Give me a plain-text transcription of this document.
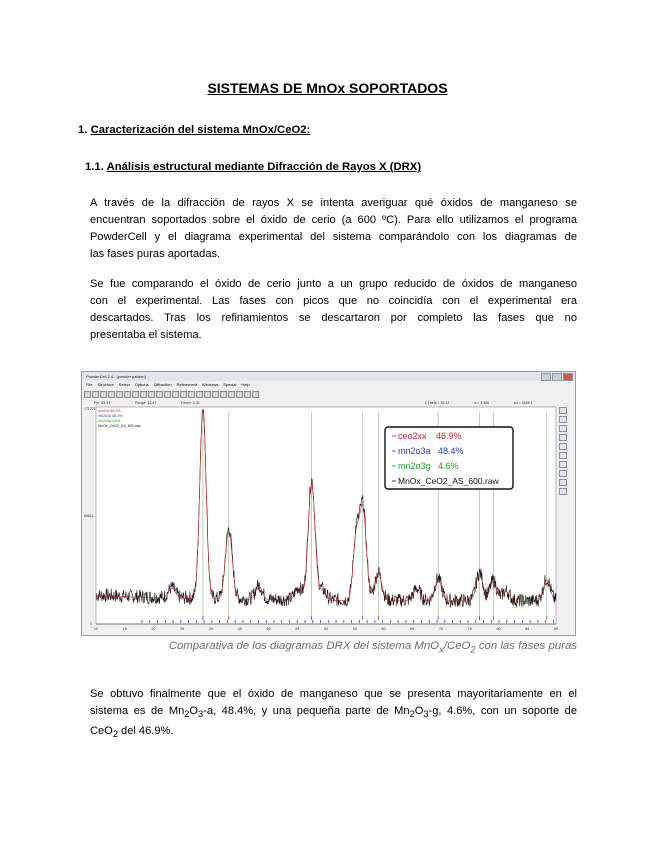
SISTEMAS DE MnOx SOPORTADOS
1. Caracterización del sistema MnOx/CeO2:
1.1. Análisis estructural mediante Difracción de Rayos X (DRX)
A través de la difracción de rayos X se intenta averiguar qué óxidos de manganeso se
encuentran soportados sobre el óxido de cerio (a 600 ºC). Para ello utilizamos el programa
PowderCell y el diagrama experimental del sistema comparándolo con los diagramas de
las fases puras aportadas.
Se fue comparando el óxido de cerio junto a un grupo reducido de óxidos de manganeso
con el experimental. Las fases con picos que no coincidía con el experimental era
descartados. Tras los refinamientos se descartaron por completo las fases que no
presentaba el sistema.
PowderCell 2.4 - [powder pattern]
File Structure Select Options Diffraction Refinement Windows Special Help
Ppr: 65.44	Range: 12.47	Pecen: 0.31	2 Theta = 32.12	d = 1.386	Int = 6655.1
10	15	20	25	30	35	40	45	50	55	60	65	70	75	80	85	90
171221
85611
0
ceo2xx 46.9%
mn2o3a 48.4%
mn2o3g 4.6%
MnOx_CeO2_AS_600.raw
ceo2xx 46.9%
mn2o3a 48.4%
mn2o3g 4.6%
MnOx_CeO2_AS_600.raw
Comparativa de los diagramas DRX del sistema MnO$_x$/CeO$_2$ con las fases puras
Se obtuvo finalmente que el óxido de manganeso que se presenta mayoritariamente en el
sistema es de $Mn_2O_3-a$, 48.4%, y una pequeña parte de $Mn_2O_3-g$, 4.6%, con un soporte de
CeO$_2$ del 46.9%.
